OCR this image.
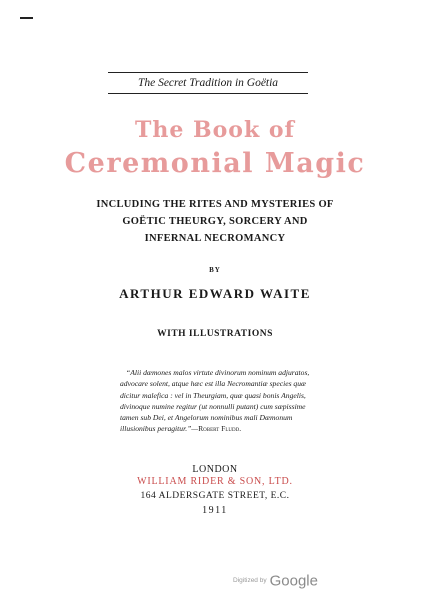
The Secret Tradition in Goëtia
The Book of
Ceremonial Magic
INCLUDING THE RITES AND MYSTERIES OF
GOËTIC THEURGY, SORCERY AND
INFERNAL NECROMANCY
BY
ARTHUR EDWARD WAITE
WITH ILLUSTRATIONS
“Alii dæmones malos virtute divinorum nominum adjuratos,
advocare solent, atque hæc est illa Necromantiæ species quæ
dicitur malefica : vel in Theurgiam, quæ quasi bonis Angelis,
divinoque numine regitur (ut nonnulli putant) cum sæpissime
tamen sub Dei, et Angelorum nominibus mali Dæmonum
illusionibus peragitur.”—Robert Fludd.
LONDON
WILLIAM RIDER & SON, LTD.
164 ALDERSGATE STREET, E.C.
1911
Digitized by Google
